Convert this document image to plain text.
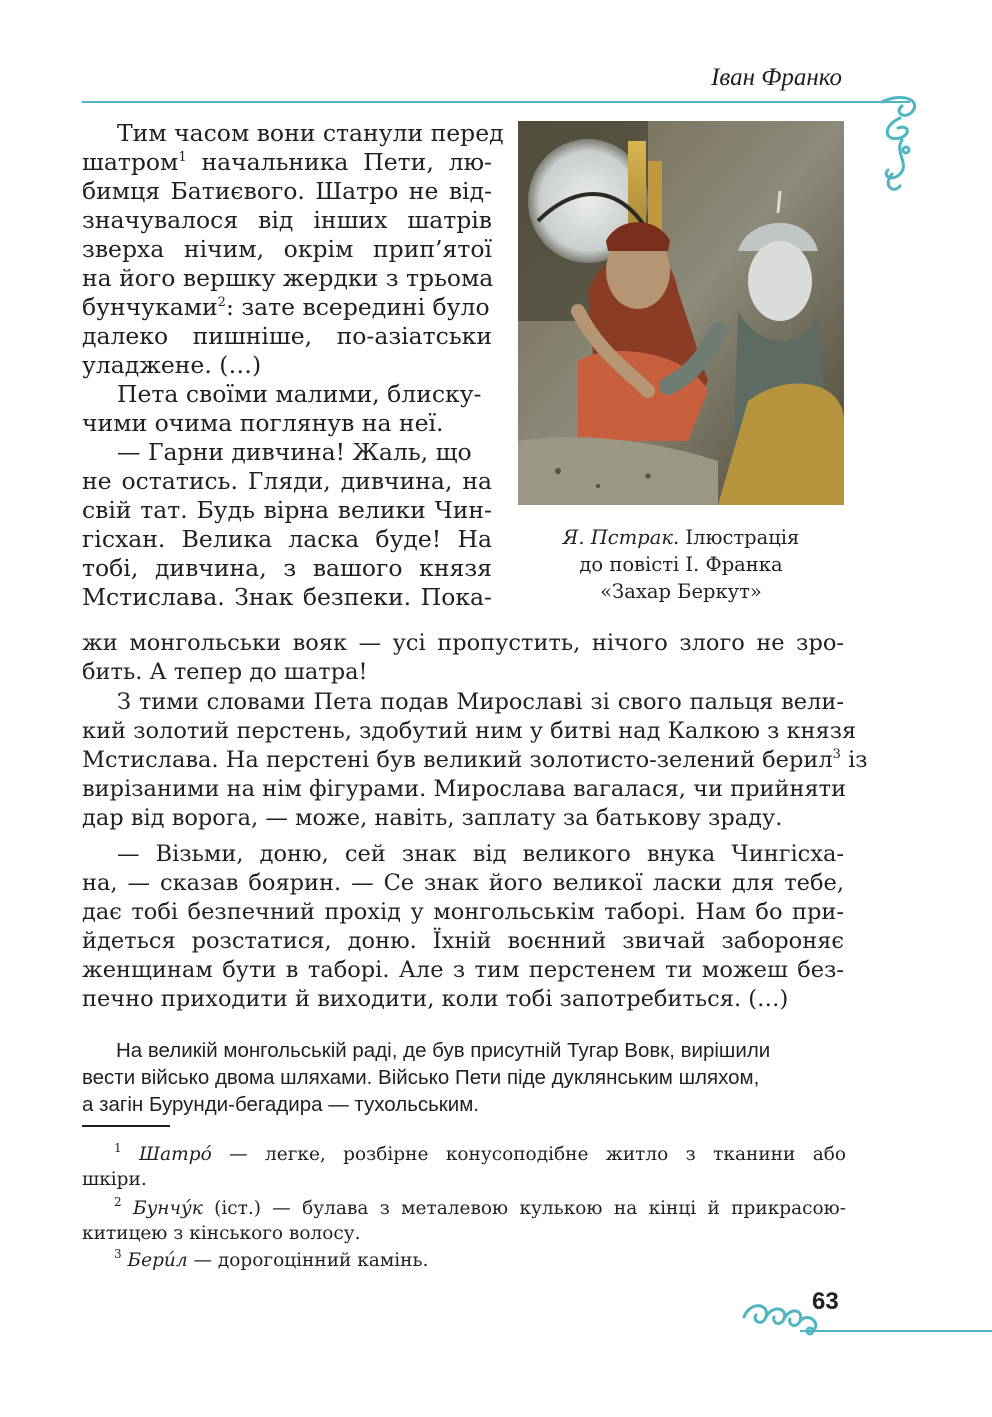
Іван Франко
Я. Пстрак. Ілюстрація
до повісті І. Франка
«Захар Беркут»
Тим часом вони станули перед
шатром$^1$ начальника Пети, лю-
бимця Батиєвого. Шатро не від-
значувалося від інших шатрів
зверха нічим, окрім прип’ятої
на його вершку жердки з трьома
бунчуками$^2$: зате всередині було
далеко пишніше, по-азіатськи
уладжене. (…)
Пета своїми малими, блиску-
чими очима поглянув на неї.
— Гарни дивчина! Жаль, що
не остатись. Гляди, дивчина, на
свій тат. Будь вірна велики Чин-
гісхан. Велика ласка буде! На
тобі, дивчина, з вашого князя
Мстислава. Знак безпеки. Пока-
жи монгольськи вояк — усі пропустить, нічого злого не зро-
бить. А тепер до шатра!
З тими словами Пета подав Мирославі зі свого пальця вели-
кий золотий перстень, здобутий ним у битві над Калкою з князя
Мстислава. На перстені був великий золотисто-зелений берил$^3$ із
вирізаними на нім фігурами. Мирослава вагалася, чи прийняти
дар від ворога, — може, навіть, заплату за батькову зраду.
— Візьми, доню, сей знак від великого внука Чингісха-
на, — сказав боярин. — Се знак його великої ласки для тебе,
дає тобі безпечний прохід у монгольськім таборі. Нам бо при-
йдеться розстатися, доню. Їхній воєнний звичай забороняє
женщинам бути в таборі. Але з тим перстенем ти можеш без-
печно приходити й виходити, коли тобі запотребиться. (…)
На великій монгольській раді, де був присутній Тугар Вовк, вирішили
вести військо двома шляхами. Військо Пети піде дуклянським шляхом,
а загін Бурунди-бегадира — тухольським.
$^1$ Шатро́ — легке, розбірне конусоподібне житло з тканини або
шкіри.
$^2$ Бунчу́к (іст.) — булава з металевою кулькою на кінці й прикрасою-
китицею з кінського волосу.
$^3$ Бери́л — дорогоцінний камінь.
63
